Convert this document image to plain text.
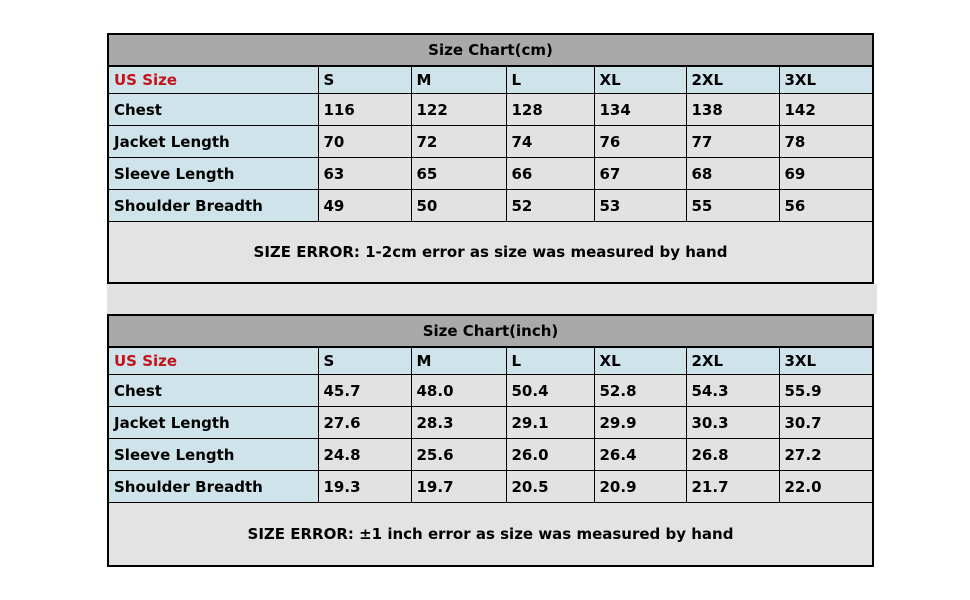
Size Chart(cm)						
US Size	S	M	L	XL	2XL	3XL
Chest	116	122	128	134	138	142
Jacket Length	70	72	74	76	77	78
Sleeve Length	63	65	66	67	68	69
Shoulder Breadth	49	50	52	53	55	56
SIZE ERROR: 1-2cm error as size was measured by hand						
Size Chart(inch)						
US Size	S	M	L	XL	2XL	3XL
Chest	45.7	48.0	50.4	52.8	54.3	55.9
Jacket Length	27.6	28.3	29.1	29.9	30.3	30.7
Sleeve Length	24.8	25.6	26.0	26.4	26.8	27.2
Shoulder Breadth	19.3	19.7	20.5	20.9	21.7	22.0
SIZE ERROR: ±1 inch error as size was measured by hand						
